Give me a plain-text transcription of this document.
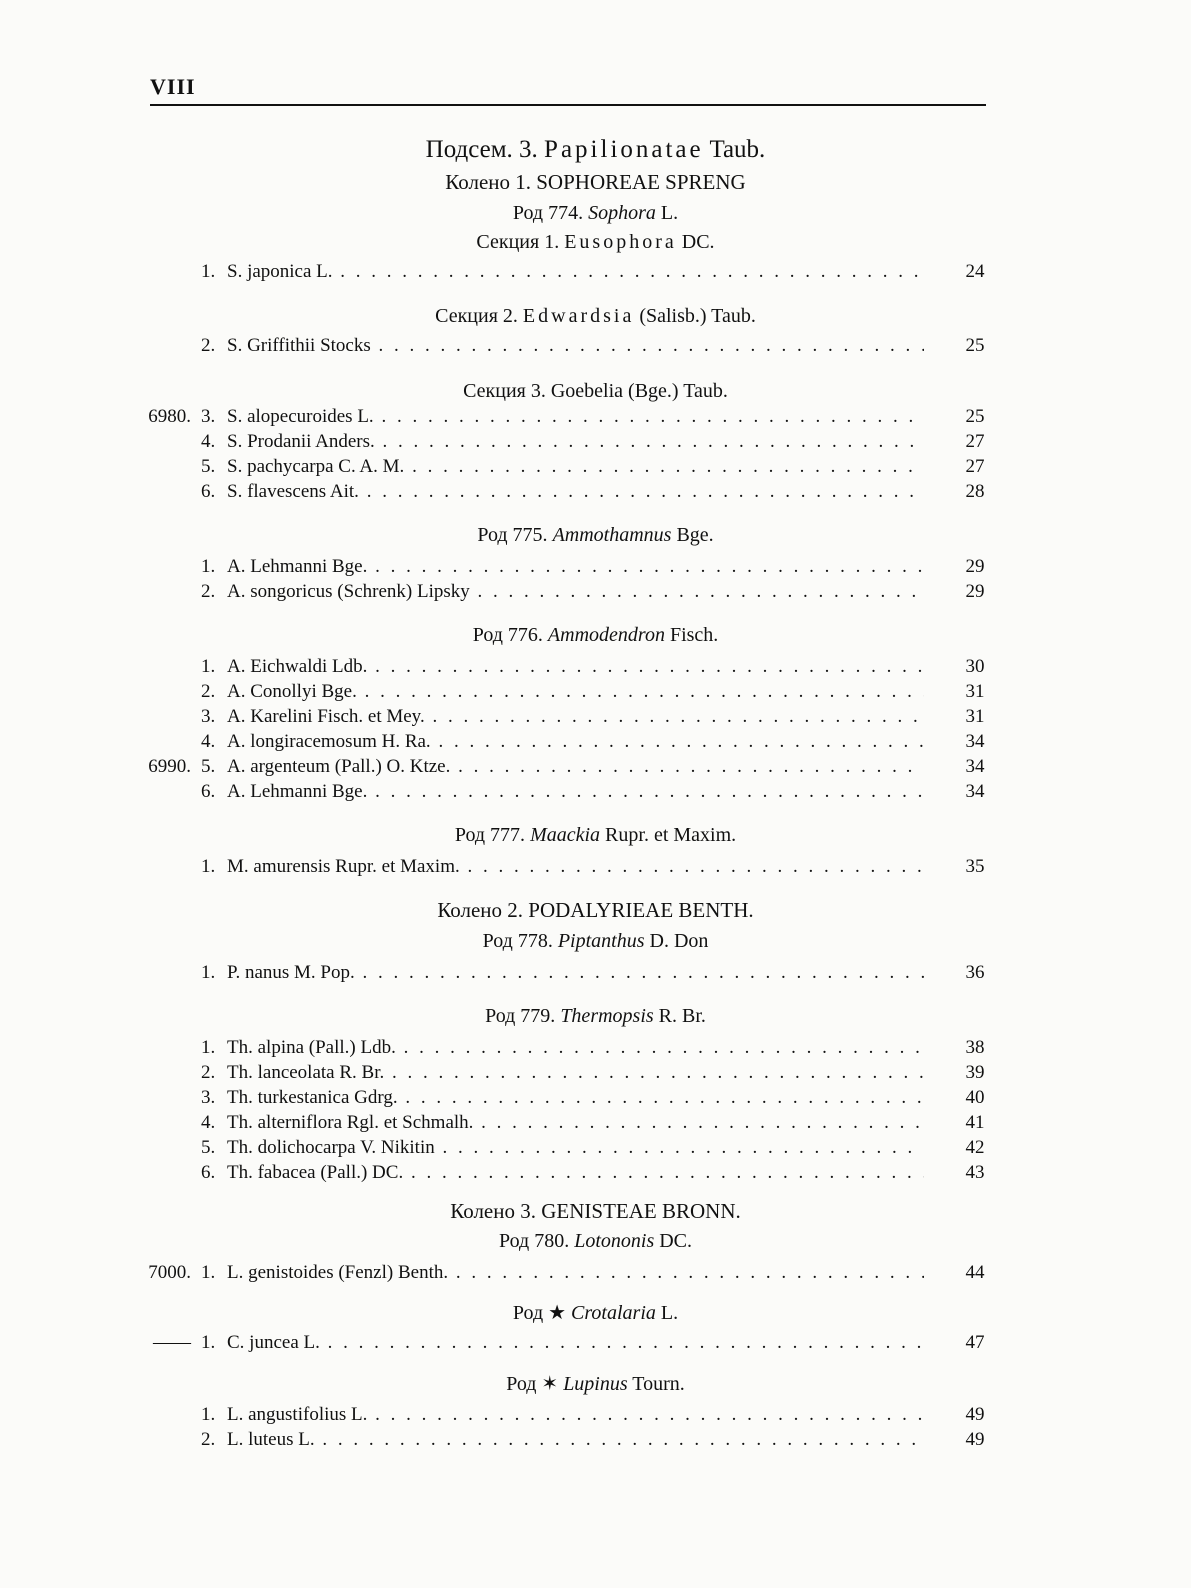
VIII
Подсем. 3. Papilionatae Taub.
Колено 1. SOPHOREAE SPRENG
Род 774. Sophora L.
Секция 1. Eusophora DC.
1. S. japonica L. . . .	24
Секция 2. Edwardsia (Salisb.) Taub.
2. S. Griffithii Stocks . . .	25
Секция 3. Goebelia (Bge.) Taub.
6980. 3. S. alopecuroides L. . . .	25
4. S. Prodanii Anders. . . .	27
5. S. pachycarpa C. A. M. . . .	27
6. S. flavescens Ait. . . .	28
Род 775. Ammothamnus Bge.
1. A. Lehmanni Bge. . . .	29
2. A. songoricus (Schrenk) Lipsky . . .	29
Род 776. Ammodendron Fisch.
1. A. Eichwaldi Ldb. . . .	30
2. A. Conollyi Bge. . . .	31
3. A. Karelini Fisch. et Mey. . . .	31
4. A. longiracemosum H. Ra. . . .	34
6990. 5. A. argenteum (Pall.) O. Ktze. . . .	34
6. A. Lehmanni Bge. . . .	34
Род 777. Maackia Rupr. et Maxim.
1. M. amurensis Rupr. et Maxim. . . .	35
Колено 2. PODALYRIEAE BENTH.
Род 778. Piptanthus D. Don
1. P. nanus M. Pop. . . .	36
Род 779. Thermopsis R. Br.
1. Th. alpina (Pall.) Ldb. . . .	38
2. Th. lanceolata R. Br. . . .	39
3. Th. turkestanica Gdrg. . . .	40
4. Th. alterniflora Rgl. et Schmalh. . . .	41
5. Th. dolichocarpa V. Nikitin . . .	42
6. Th. fabacea (Pall.) DC. . . .	43
Колено 3. GENISTEAE BRONN.
Род 780. Lotononis DC.
7000. 1. L. genistoides (Fenzl) Benth. . . .	44
Род ★ Crotalaria L.
—— 1. C. juncea L. . . .	47
Род ✶ Lupinus Tourn.
1. L. angustifolius L. . . .	49
2. L. luteus L. . . .	49
